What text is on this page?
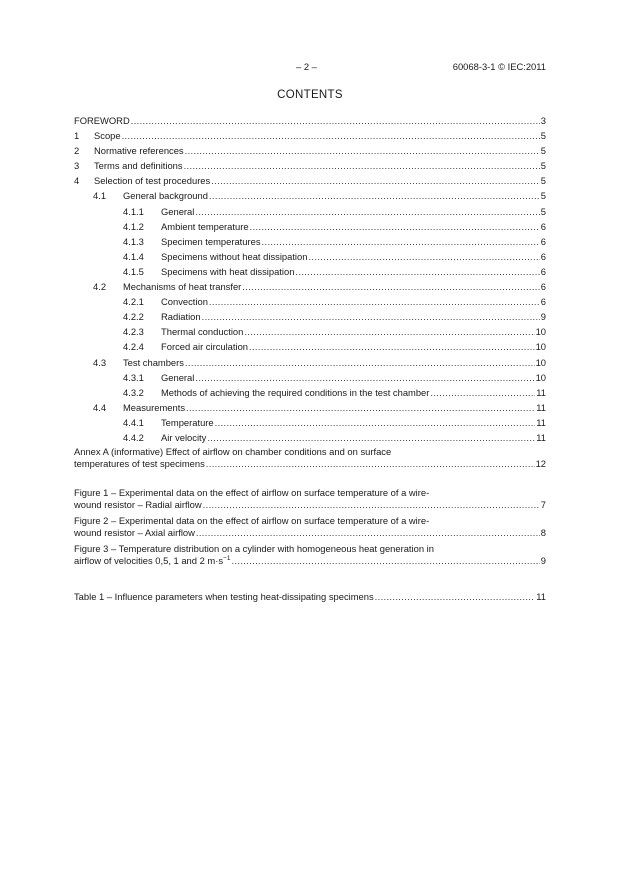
– 2 –	60068-3-1 © IEC:2011
CONTENTS
FOREWORD .....	3
1	Scope .....	5
2	Normative references .....	5
3	Terms and definitions .....	5
4	Selection of test procedures .....	5
4.1	General background .....	5
4.1.1	General .....	5
4.1.2	Ambient temperature .....	6
4.1.3	Specimen temperatures .....	6
4.1.4	Specimens without heat dissipation .....	6
4.1.5	Specimens with heat dissipation .....	6
4.2	Mechanisms of heat transfer .....	6
4.2.1	Convection .....	6
4.2.2	Radiation .....	9
4.2.3	Thermal conduction .....	10
4.2.4	Forced air circulation .....	10
4.3	Test chambers .....	10
4.3.1	General .....	10
4.3.2	Methods of achieving the required conditions in the test chamber .....	11
4.4	Measurements .....	11
4.4.1	Temperature .....	11
4.4.2	Air velocity .....	11
Annex A (informative) Effect of airflow on chamber conditions and on surface
temperatures of test specimens .....	12
Figure 1 – Experimental data on the effect of airflow on surface temperature of a wire-
wound resistor – Radial airflow .....	7
Figure 2 – Experimental data on the effect of airflow on surface temperature of a wire-
wound resistor – Axial airflow .....	8
Figure 3 – Temperature distribution on a cylinder with homogeneous heat generation in
airflow of velocities 0,5, 1 and 2 $m\cdot s^{-1}$ .....	9
Table 1 – Influence parameters when testing heat-dissipating specimens .....	11
